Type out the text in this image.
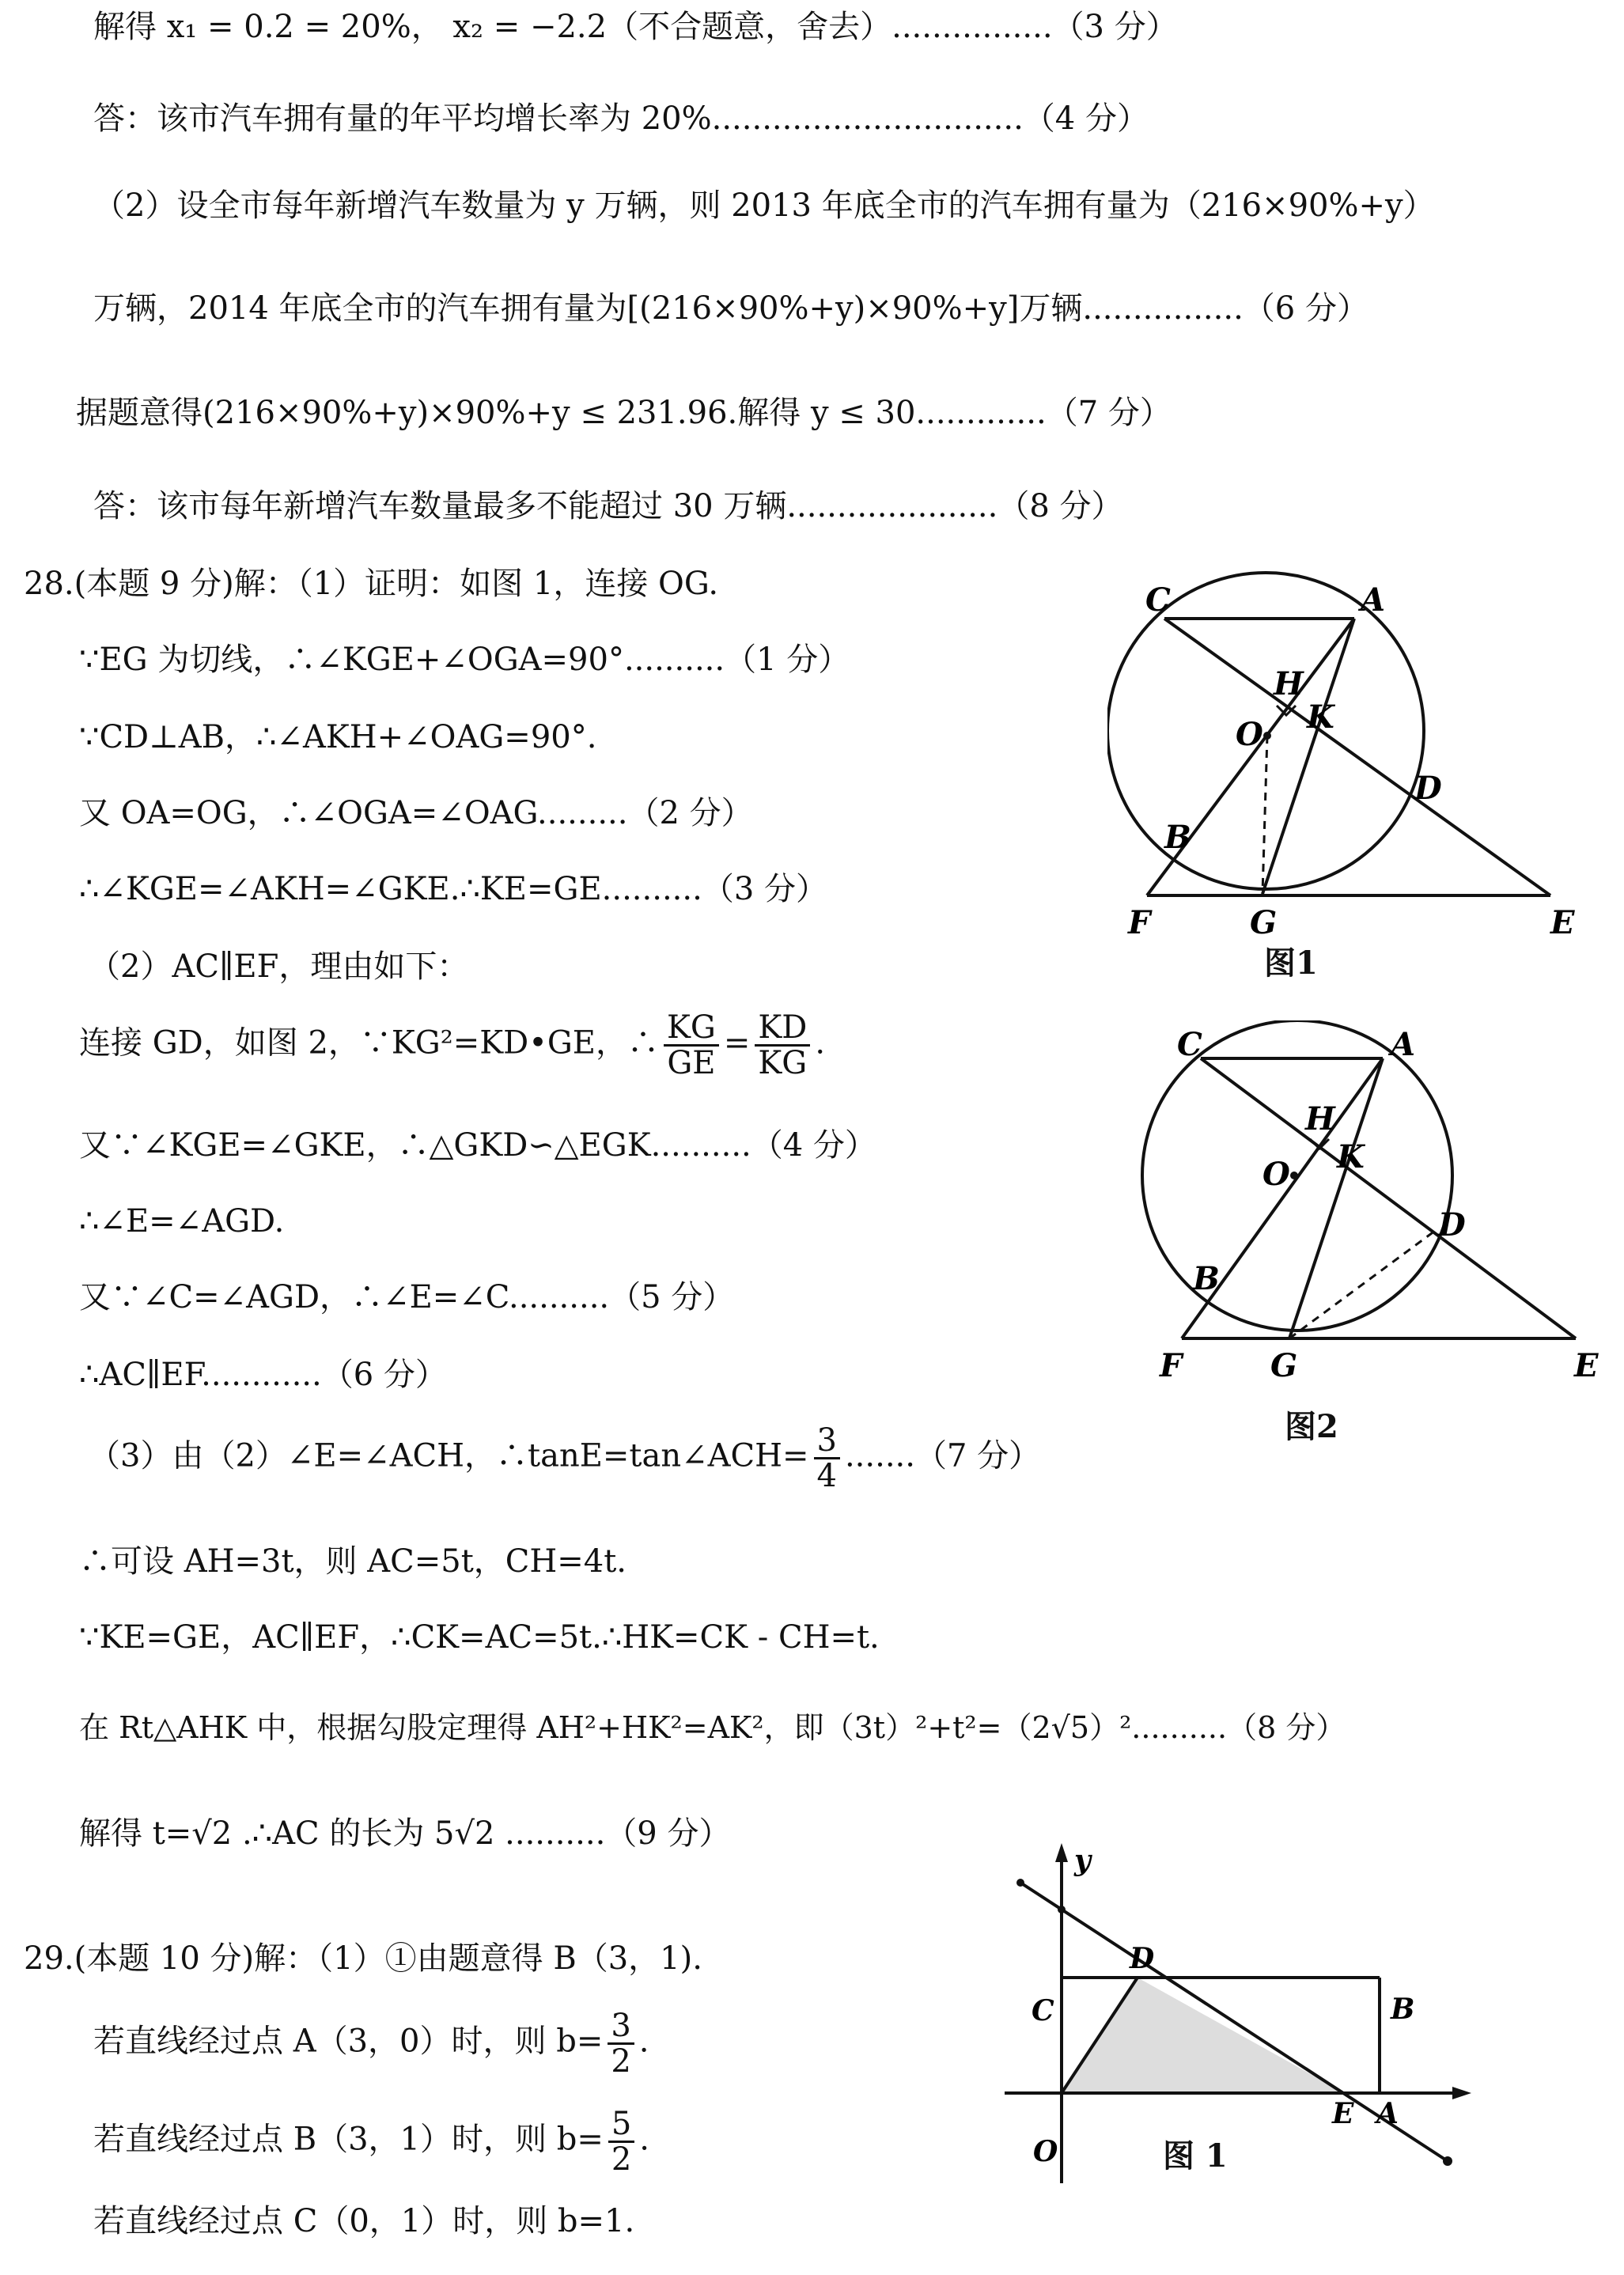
解得 x₁ = 0.2 = 20%， x₂ = −2.2（不合题意，舍去）................（3 分）
答：该市汽车拥有量的年平均增长率为 20%...............................（4 分）
（2）设全市每年新增汽车数量为 y 万辆，则 2013 年底全市的汽车拥有量为（216×90%+y）
万辆，2014 年底全市的汽车拥有量为[(216×90%+y)×90%+y]万辆................（6 分）
据题意得(216×90%+y)×90%+y ≤ 231.96.解得 y ≤ 30.............（7 分）
答：该市每年新增汽车数量最多不能超过 30 万辆.....................（8 分）
28.(本题 9 分)解：（1）证明：如图 1，连接 OG.
∵EG 为切线，∴∠KGE+∠OGA=90°..........（1 分）
∵CD⊥AB，∴∠AKH+∠OAG=90°.
又 OA=OG，∴∠OGA=∠OAG.........（2 分）
∴∠KGE=∠AKH=∠GKE.∴KE=GE..........（3 分）
（2）AC∥EF，理由如下：
连接 GD，如图 2，∵KG²=KD•GE，∴ $\frac{KG}{GE} = \frac{KD}{KG}$ .
又∵∠KGE=∠GKE，∴△GKD∽△EGK..........（4 分）
∴∠E=∠AGD.
又∵∠C=∠AGD，∴∠E=∠C..........（5 分）
∴AC∥EF............（6 分）
（3）由（2）∠E=∠ACH，∴tanE=tan∠ACH= $\frac{3}{4} .......(7$ 分）
∴可设 AH=3t，则 AC=5t，CH=4t.
∵KE=GE，AC∥EF，∴CK=AC=5t.∴HK=CK - CH=t.
在 Rt△AHK 中，根据勾股定理得 AH²+HK²=AK²，即（3t）²+t²=（2√5）²..........（8 分）
解得 t=√2 .∴AC 的长为 5√2 ..........（9 分）
29.(本题 10 分)解：（1）①由题意得 B（3，1).
若直线经过点 A（3，0）时，则 $b= \frac{3}{2}$ .
若直线经过点 B（3，1）时，则 $b= \frac{5}{2}$ .
若直线经过点 C（0，1）时，则 b=1.
C	A
H
O K
D
B
F	G	E
图1
C	A
H
O K
D
B
F	G	E
图2
y
D
C	B
E A
O	图 1
